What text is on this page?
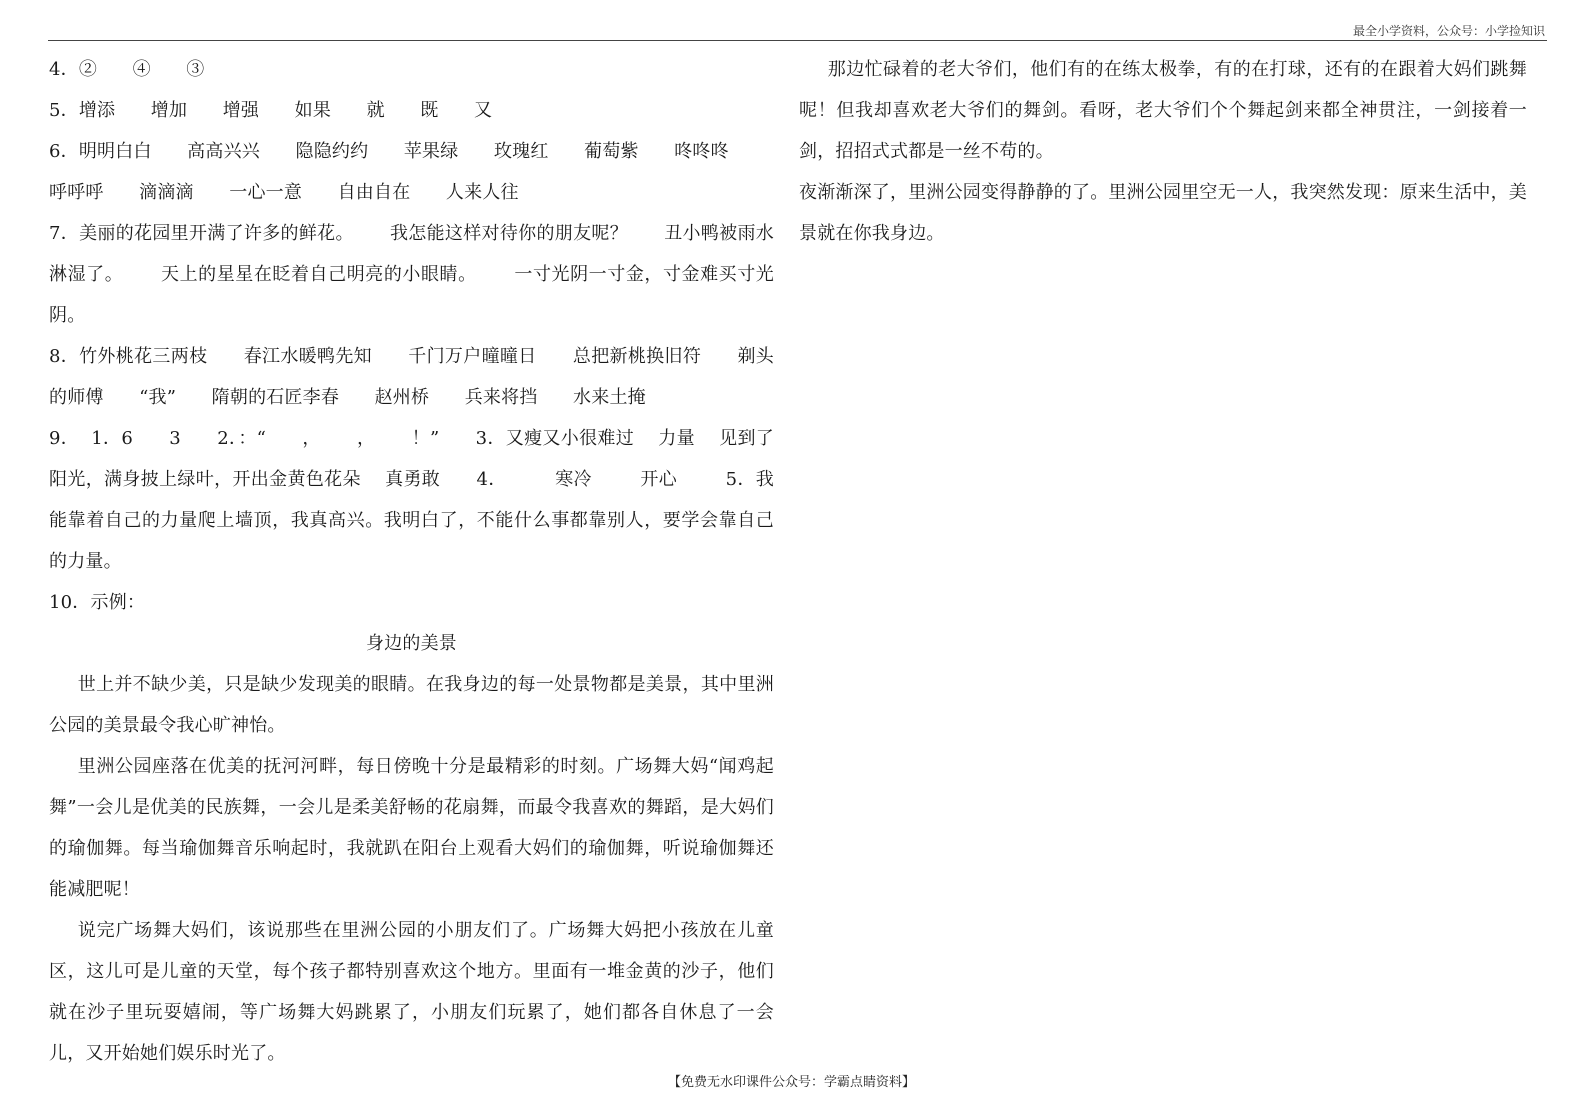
最全小学资料，公众号：小学捡知识
4．②      ④      ③
5．增添      增加      增强      如果      就      既      又
6．明明白白      高高兴兴      隐隐约约      苹果绿      玫瑰红      葡萄紫      咚咚咚
呼呼呼      滴滴滴      一心一意      自由自在      人来人往
7．美丽的花园里开满了许多的鲜花。      我怎能这样对待你的朋友呢？      丑小鸭被雨水淋湿了。      天上的星星在眨着自己明亮的小眼睛。      一寸光阴一寸金，寸金难买寸光阴。
8．竹外桃花三两枝      春江水暖鸭先知      千门万户曈曈日      总把新桃换旧符      剃头的师傅      “我”      隋朝的石匠李春      赵州桥      兵来将挡      水来土掩
9．  1．6      3      2．：“      ，      ，      ！”      3．又瘦又小很难过    力量    见到了阳光，满身披上绿叶，开出金黄色花朵    真勇敢      4．        寒冷        开心        5．我能靠着自己的力量爬上墙顶，我真高兴。我明白了，不能什么事都靠别人，要学会靠自己的力量。
10．示例：
身边的美景
世上并不缺少美，只是缺少发现美的眼睛。在我身边的每一处景物都是美景，其中里洲公园的美景最令我心旷神怡。
里洲公园座落在优美的抚河河畔，每日傍晚十分是最精彩的时刻。广场舞大妈“闻鸡起舞”一会儿是优美的民族舞，一会儿是柔美舒畅的花扇舞，而最令我喜欢的舞蹈，是大妈们的瑜伽舞。每当瑜伽舞音乐响起时，我就趴在阳台上观看大妈们的瑜伽舞，听说瑜伽舞还能减肥呢！
说完广场舞大妈们，该说那些在里洲公园的小朋友们了。广场舞大妈把小孩放在儿童区，这儿可是儿童的天堂，每个孩子都特别喜欢这个地方。里面有一堆金黄的沙子，他们就在沙子里玩耍嬉闹，等广场舞大妈跳累了，小朋友们玩累了，她们都各自休息了一会儿，又开始她们娱乐时光了。
那边忙碌着的老大爷们，他们有的在练太极拳，有的在打球，还有的在跟着大妈们跳舞呢！但我却喜欢老大爷们的舞剑。看呀，老大爷们个个舞起剑来都全神贯注，一剑接着一剑，招招式式都是一丝不苟的。
夜渐渐深了，里洲公园变得静静的了。里洲公园里空无一人，我突然发现：原来生活中，美景就在你我身边。
【免费无水印课件公众号：学霸点睛资料】
